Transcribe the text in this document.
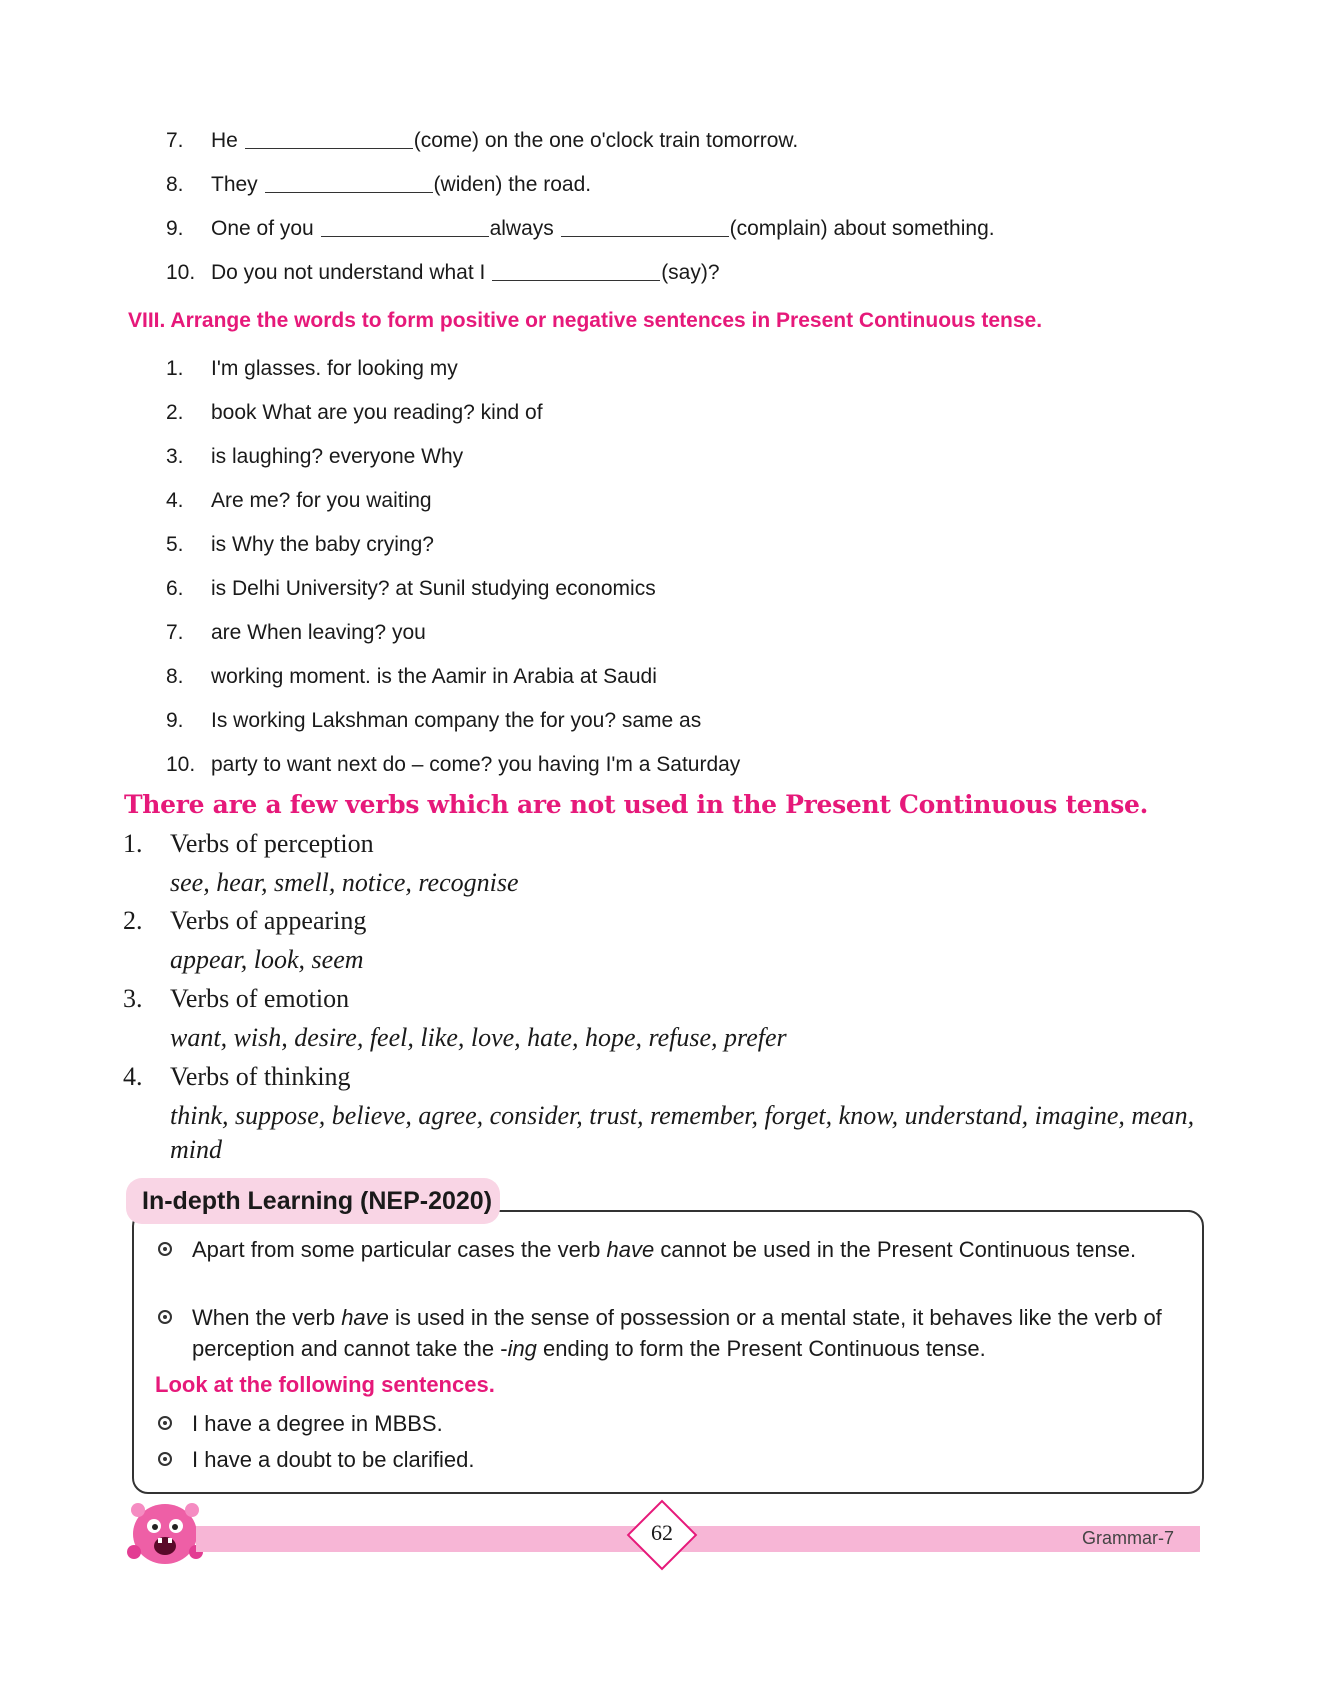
7. He	(come) on the one o'clock train tomorrow.
8. They	(widen) the road.
9. One of you	always	(complain) about something.
10. Do you not understand what I	(say)?
VIII. Arrange the words to form positive or negative sentences in Present Continuous tense.
1. I'm glasses. for looking my
2. book What are you reading? kind of
3. is laughing? everyone Why
4. Are me? for you waiting
5. is Why the baby crying?
6. is Delhi University? at Sunil studying economics
7. are When leaving? you
8. working moment. is the Aamir in Arabia at Saudi
9. Is working Lakshman company the for you? same as
10. party to want next do – come? you having I'm a Saturday
There are a few verbs which are not used in the Present Continuous tense.
1. Verbs of perception
see, hear, smell, notice, recognise
2. Verbs of appearing
appear, look, seem
3. Verbs of emotion
want, wish, desire, feel, like, love, hate, hope, refuse, prefer
4. Verbs of thinking
think, suppose, believe, agree, consider, trust, remember, forget, know, understand, imagine, mean, mind
In-depth Learning (NEP-2020)
Apart from some particular cases the verb have cannot be used in the Present Continuous tense.
When the verb have is used in the sense of possession or a mental state, it behaves like the verb of perception and cannot take the -ing ending to form the Present Continuous tense.
Look at the following sentences.
I have a degree in MBBS.
I have a doubt to be clarified.
62	Grammar-7
